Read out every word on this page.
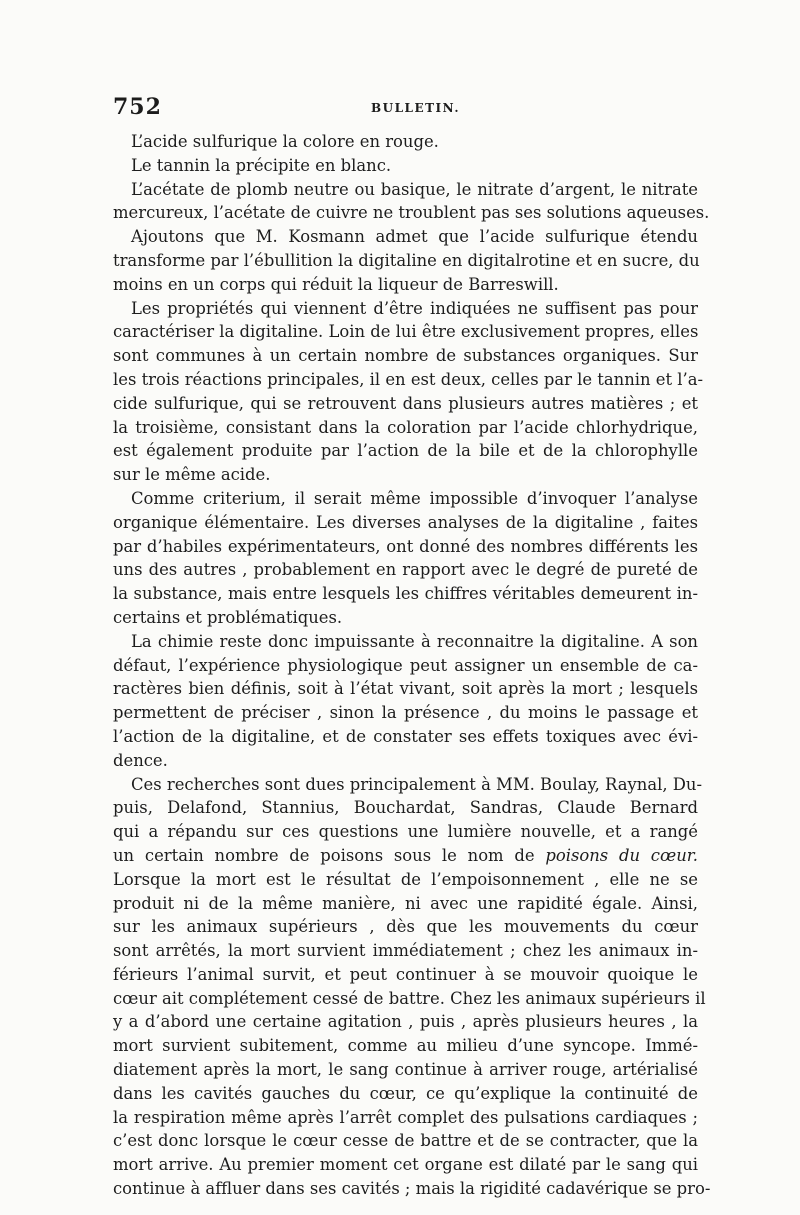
752	BULLETIN.
L’acide sulfurique la colore en rouge.
Le tannin la précipite en blanc.
L’acétate de plomb neutre ou basique, le nitrate d’argent, le nitrate
mercureux, l’acétate de cuivre ne troublent pas ses solutions aqueuses.
Ajoutons que M. Kosmann admet que l’acide sulfurique étendu
transforme par l’ébullition la digitaline en digitalrotine et en sucre, du
moins en un corps qui réduit la liqueur de Barreswill.
Les propriétés qui viennent d’être indiquées ne suffisent pas pour
caractériser la digitaline. Loin de lui être exclusivement propres, elles
sont communes à un certain nombre de substances organiques. Sur
les trois réactions principales, il en est deux, celles par le tannin et l’a-
cide sulfurique, qui se retrouvent dans plusieurs autres matières ; et
la troisième, consistant dans la coloration par l’acide chlorhydrique,
est également produite par l’action de la bile et de la chlorophylle
sur le même acide.
Comme criterium, il serait même impossible d’invoquer l’analyse
organique élémentaire. Les diverses analyses de la digitaline , faites
par d’habiles expérimentateurs, ont donné des nombres différents les
uns des autres , probablement en rapport avec le degré de pureté de
la substance, mais entre lesquels les chiffres véritables demeurent in-
certains et problématiques.
La chimie reste donc impuissante à reconnaitre la digitaline. A son
défaut, l’expérience physiologique peut assigner un ensemble de ca-
ractères bien définis, soit à l’état vivant, soit après la mort ; lesquels
permettent de préciser , sinon la présence , du moins le passage et
l’action de la digitaline, et de constater ses effets toxiques avec évi-
dence.
Ces recherches sont dues principalement à MM. Boulay, Raynal, Du-
puis, Delafond, Stannius, Bouchardat, Sandras, Claude Bernard
qui a répandu sur ces questions une lumière nouvelle, et a rangé
un certain nombre de poisons sous le nom de poisons du cœur.
Lorsque la mort est le résultat de l’empoisonnement , elle ne se
produit ni de la même manière, ni avec une rapidité égale. Ainsi,
sur les animaux supérieurs , dès que les mouvements du cœur
sont arrêtés, la mort survient immédiatement ; chez les animaux in-
férieurs l’animal survit, et peut continuer à se mouvoir quoique le
cœur ait complétement cessé de battre. Chez les animaux supérieurs il
y a d’abord une certaine agitation , puis , après plusieurs heures , la
mort survient subitement, comme au milieu d’une syncope. Immé-
diatement après la mort, le sang continue à arriver rouge, artérialisé
dans les cavités gauches du cœur, ce qu’explique la continuité de
la respiration même après l’arrêt complet des pulsations cardiaques ;
c’est donc lorsque le cœur cesse de battre et de se contracter, que la
mort arrive. Au premier moment cet organe est dilaté par le sang qui
continue à affluer dans ses cavités ; mais la rigidité cadavérique se pro-
